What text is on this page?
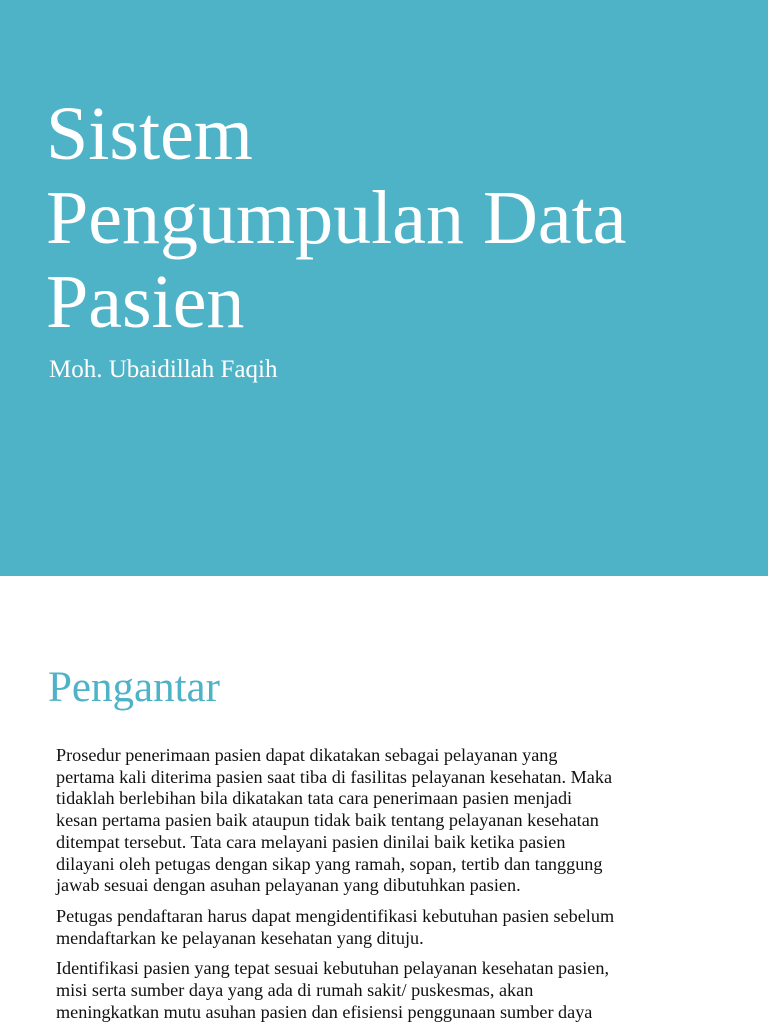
Sistem
Pengumpulan Data
Pasien

Moh. Ubaidillah Faqih

Pengantar

Prosedur penerimaan pasien dapat dikatakan sebagai pelayanan yang
pertama kali diterima pasien saat tiba di fasilitas pelayanan kesehatan. Maka
tidaklah berlebihan bila dikatakan tata cara penerimaan pasien menjadi
kesan pertama pasien baik ataupun tidak baik tentang pelayanan kesehatan
ditempat tersebut. Tata cara melayani pasien dinilai baik ketika pasien
dilayani oleh petugas dengan sikap yang ramah, sopan, tertib dan tanggung
jawab sesuai dengan asuhan pelayanan yang dibutuhkan pasien.

Petugas pendaftaran harus dapat mengidentifikasi kebutuhan pasien sebelum
mendaftarkan ke pelayanan kesehatan yang dituju.

Identifikasi pasien yang tepat sesuai kebutuhan pelayanan kesehatan pasien,
misi serta sumber daya yang ada di rumah sakit/ puskesmas, akan
meningkatkan mutu asuhan pasien dan efisiensi penggunaan sumber daya
